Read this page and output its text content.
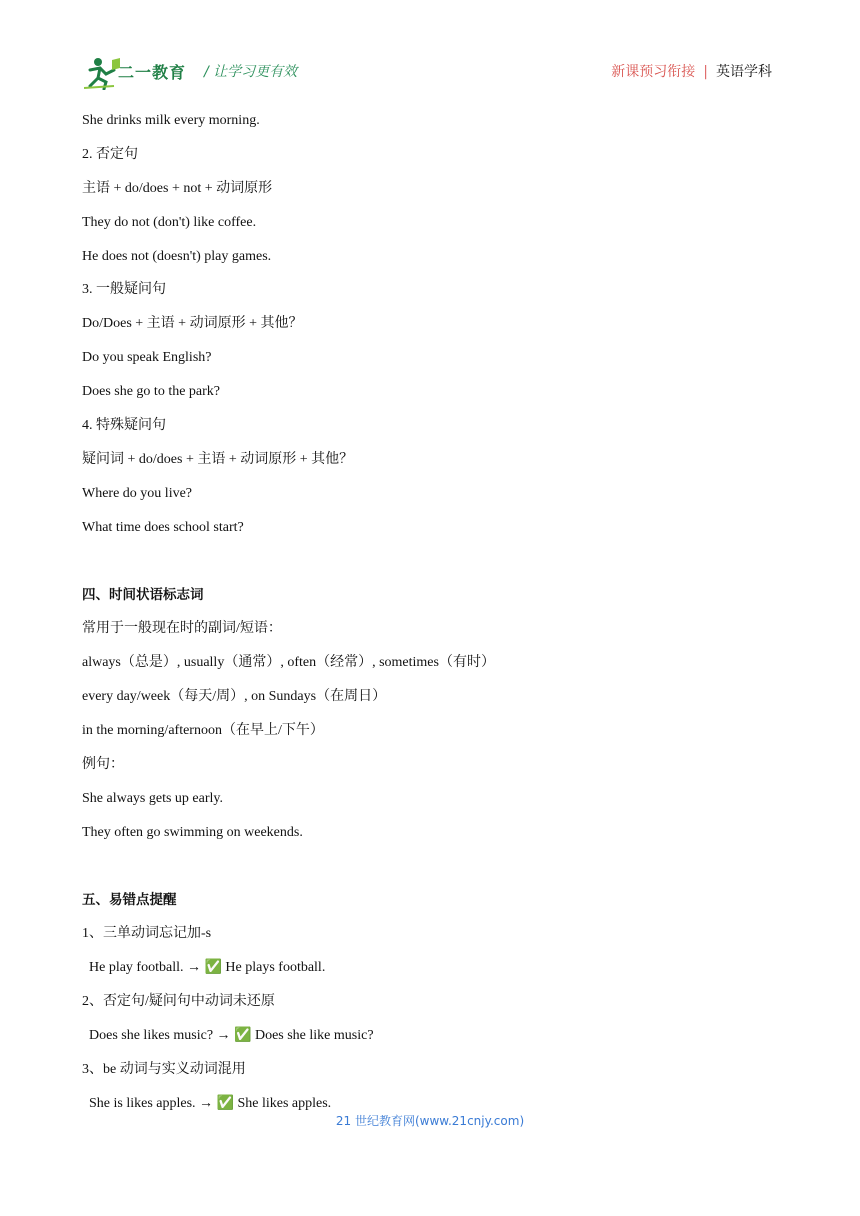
二一教育 / 让学习更有效	新课预习衔接 | 英语学科
She drinks milk every morning.
2. 否定句
主语 + do/does + not + 动词原形
They do not (don't) like coffee.
He does not (doesn't) play games.
3. 一般疑问句
Do/Does + 主语 + 动词原形 + 其他？
Do you speak English?
Does she go to the park?
4. 特殊疑问句
疑问词 + do/does + 主语 + 动词原形 + 其他？
Where do you live?
What time does school start?
四、时间状语标志词
常用于一般现在时的副词/短语：
always（总是）, usually（通常）, often（经常）, sometimes（有时）
every day/week（每天/周）, on Sundays（在周日）
in the morning/afternoon（在早上/下午）
例句：
She always gets up early.
They often go swimming on weekends.
五、易错点提醒
1、三单动词忘记加-s
He play football. → ✅ He plays football.
2、否定句/疑问句中动词未还原
Does she likes music? → ✅ Does she like music?
3、be 动词与实义动词混用
She is likes apples. → ✅ She likes apples.
21 世纪教育网(www.21cnjy.com)
